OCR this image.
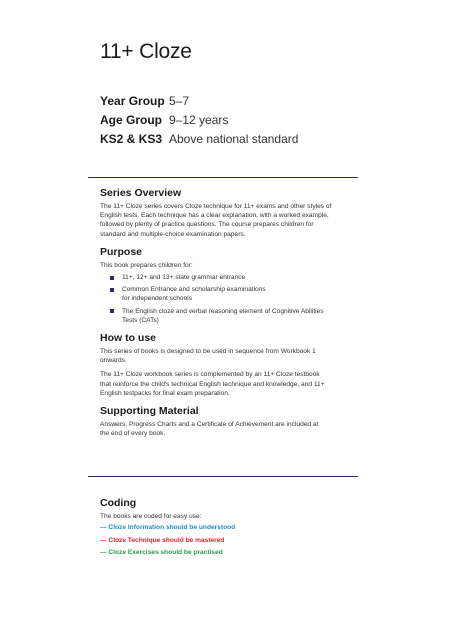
11+ Cloze
Year Group 5–7
Age Group 9–12 years
KS2 & KS3 Above national standard
Series Overview

The 11+ Cloze series covers Cloze technique for 11+ exams and other styles of

English tests. Each technique has a clear explanation, with a worked example,

followed by plenty of practice questions. The course prepares children for

standard and multiple-choice examination papers.

Purpose

This book prepares children for:

11+, 12+ and 13+ state grammar entrance

Common Entrance and scholarship examinations

for independent schools

The English cloze and verbal reasoning element of Cognitive Abilities

Tests (CATs)

How to use

This series of books is designed to be used in sequence from Workbook 1

onwards.

The 11+ Cloze workbook series is complemented by an 11+ Cloze testbook

that reinforce the child's technical English technique and knowledge, and 11+

English testpacks for final exam preparation.

Supporting Material

Answers, Progress Charts and a Certificate of Achievement are included at

the end of every book.

Coding

The books are coded for easy use:

— Cloze Information should be understood
— Cloze Technique should be mastered
— Cloze Exercises should be practised
